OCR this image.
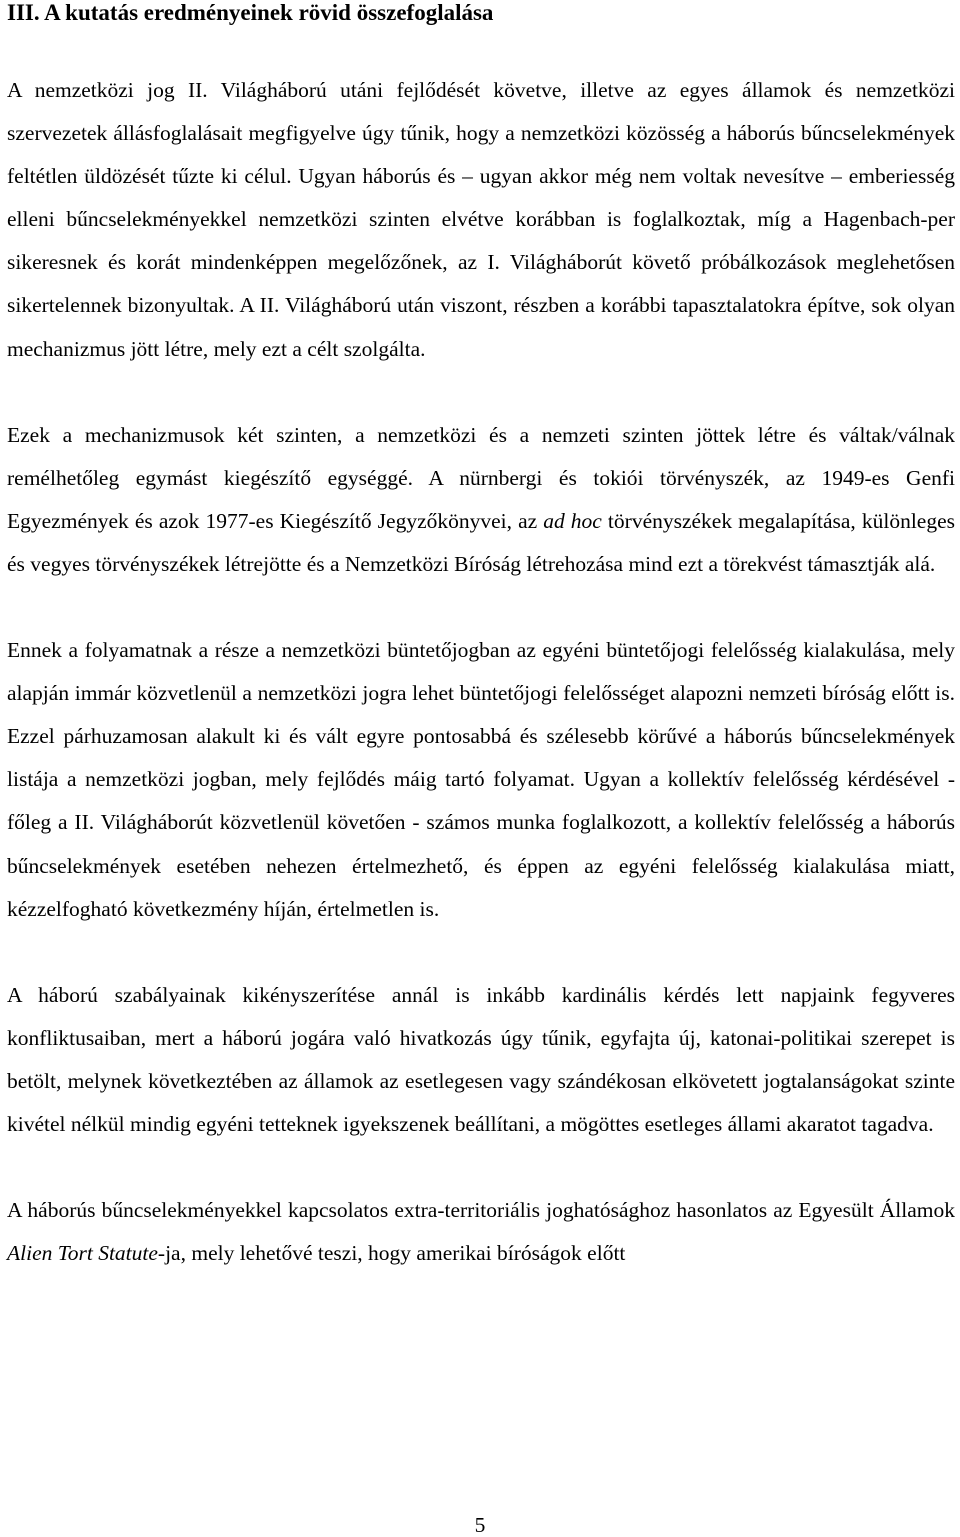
III. A kutatás eredményeinek rövid összefoglalása

A nemzetközi jog II. Világháború utáni fejlődését követve, illetve az egyes államok és nemzetközi szervezetek állásfoglalásait megfigyelve úgy tűnik, hogy a nemzetközi közösség a háborús bűncselekmények feltétlen üldözését tűzte ki célul. Ugyan háborús és – ugyan akkor még nem voltak nevesítve – emberiesség elleni bűncselekményekkel nemzetközi szinten elvétve korábban is foglalkoztak, míg a Hagenbach-per sikeresnek és korát mindenképpen megelőzőnek, az I. Világháborút követő próbálkozások meglehetősen sikertelennek bizonyultak. A II. Világháború után viszont, részben a korábbi tapasztalatokra építve, sok olyan mechanizmus jött létre, mely ezt a célt szolgálta.

Ezek a mechanizmusok két szinten, a nemzetközi és a nemzeti szinten jöttek létre és váltak/válnak remélhetőleg egymást kiegészítő egységgé. A nürnbergi és tokiói törvényszék, az 1949-es Genfi Egyezmények és azok 1977-es Kiegészítő Jegyzőkönyvei, az ad hoc törvényszékek megalapítása, különleges és vegyes törvényszékek létrejötte és a Nemzetközi Bíróság létrehozása mind ezt a törekvést támasztják alá.

Ennek a folyamatnak a része a nemzetközi büntetőjogban az egyéni büntetőjogi felelősség kialakulása, mely alapján immár közvetlenül a nemzetközi jogra lehet büntetőjogi felelősséget alapozni nemzeti bíróság előtt is. Ezzel párhuzamosan alakult ki és vált egyre pontosabbá és szélesebb körűvé a háborús bűncselekmények listája a nemzetközi jogban, mely fejlődés máig tartó folyamat. Ugyan a kollektív felelősség kérdésével - főleg a II. Világháborút közvetlenül követően - számos munka foglalkozott, a kollektív felelősség a háborús bűncselekmények esetében nehezen értelmezhető, és éppen az egyéni felelősség kialakulása miatt, kézzelfogható következmény híján, értelmetlen is.

A háború szabályainak kikényszerítése annál is inkább kardinális kérdés lett napjaink fegyveres konfliktusaiban, mert a háború jogára való hivatkozás úgy tűnik, egyfajta új, katonai-politikai szerepet is betölt, melynek következtében az államok az esetlegesen vagy szándékosan elkövetett jogtalanságokat szinte kivétel nélkül mindig egyéni tetteknek igyekszenek beállítani, a mögöttes esetleges állami akaratot tagadva.

A háborús bűncselekményekkel kapcsolatos extra-territoriális joghatósághoz hasonlatos az Egyesült Államok Alien Tort Statute-ja, mely lehetővé teszi, hogy amerikai bíróságok előtt

5
